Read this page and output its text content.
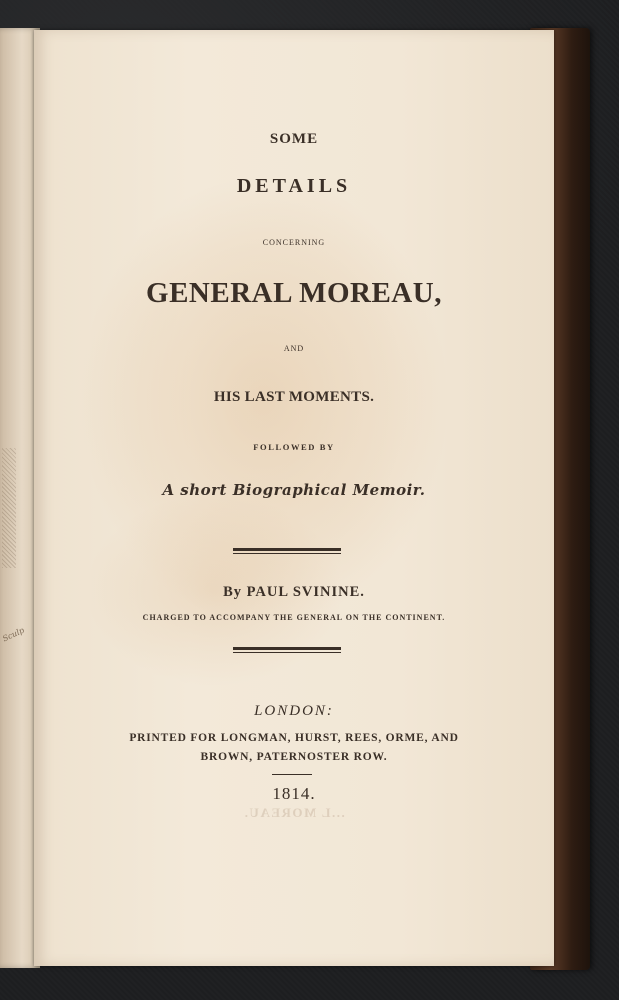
Sculp

SOME

DETAILS

CONCERNING

GENERAL MOREAU,

AND

HIS LAST MOMENTS.

FOLLOWED BY

A short Biographical Memoir.

By PAUL SVININE.

CHARGED TO ACCOMPANY THE GENERAL ON THE CONTINENT.

LONDON:

PRINTED FOR LONGMAN, HURST, REES, ORME, AND

BROWN, PATERNOSTER ROW.

1814.

...L MOREAU.
